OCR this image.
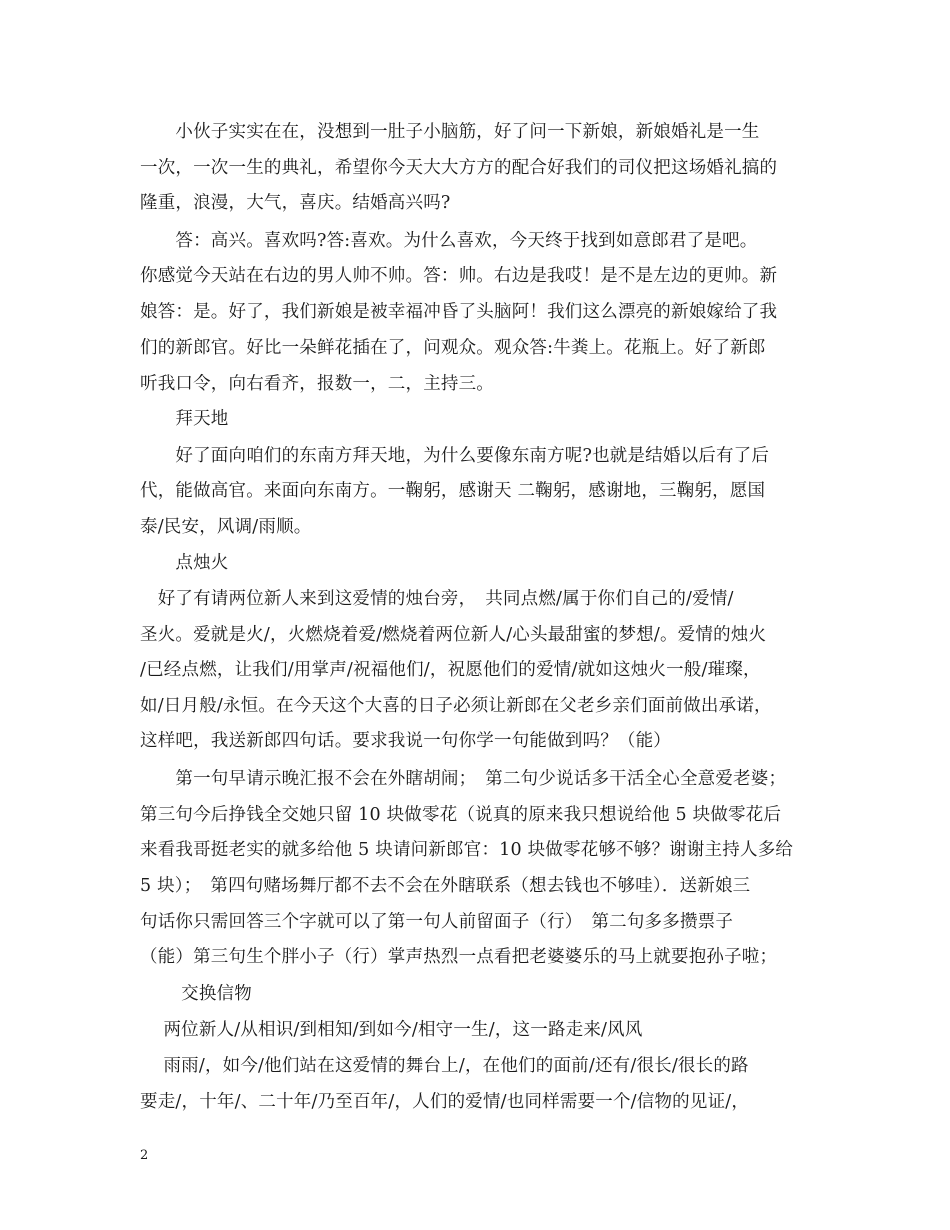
　　小伙子实实在在，没想到一肚子小脑筋，好了问一下新娘，新娘婚礼是一生
一次，一次一生的典礼，希望你今天大大方方的配合好我们的司仪把这场婚礼搞的
隆重，浪漫，大气，喜庆。结婚高兴吗?
　　答：高兴。喜欢吗?答:喜欢。为什么喜欢，今天终于找到如意郎君了是吧。
你感觉今天站在右边的男人帅不帅。答：帅。右边是我哎！是不是左边的更帅。新
娘答：是。好了，我们新娘是被幸福冲昏了头脑阿！我们这么漂亮的新娘嫁给了我
们的新郎官。好比一朵鲜花插在了，问观众。观众答:牛粪上。花瓶上。好了新郎
听我口令，向右看齐，报数一，二，主持三。
　　拜天地
　　好了面向咱们的东南方拜天地，为什么要像东南方呢?也就是结婚以后有了后
代，能做高官。来面向东南方。一鞠躬，感谢天 二鞠躬，感谢地，三鞠躬，愿国
泰/民安，风调/雨顺。
　　点烛火
　好了有请两位新人来到这爱情的烛台旁，　共同点燃/属于你们自己的/爱情/
圣火。爱就是火/，火燃烧着爱/燃烧着两位新人/心头最甜蜜的梦想/。爱情的烛火
/已经点燃，让我们/用掌声/祝福他们/，祝愿他们的爱情/就如这烛火一般/璀璨，
如/日月般/永恒。在今天这个大喜的日子必须让新郎在父老乡亲们面前做出承诺，
这样吧，我送新郎四句话。要求我说一句你学一句能做到吗？（能）
　　第一句早请示晚汇报不会在外瞎胡闹；　第二句少说话多干活全心全意爱老婆；
第三句今后挣钱全交她只留 10 块做零花（说真的原来我只想说给他 5 块做零花后
来看我哥挺老实的就多给他 5 块请问新郎官：10 块做零花够不够？谢谢主持人多给
5 块）；　第四句赌场舞厅都不去不会在外瞎联系（想去钱也不够哇）．送新娘三
句话你只需回答三个字就可以了第一句人前留面子（行）　第二句多多攒票子
（能）第三句生个胖小子（行）掌声热烈一点看把老婆婆乐的马上就要抱孙子啦；
　　 交换信物
　 两位新人/从相识/到相知/到如今/相守一生/，这一路走来/风风
　 雨雨/，如今/他们站在这爱情的舞台上/，在他们的面前/还有/很长/很长的路
要走/，十年/、二十年/乃至百年/，人们的爱情/也同样需要一个/信物的见证/，
2
